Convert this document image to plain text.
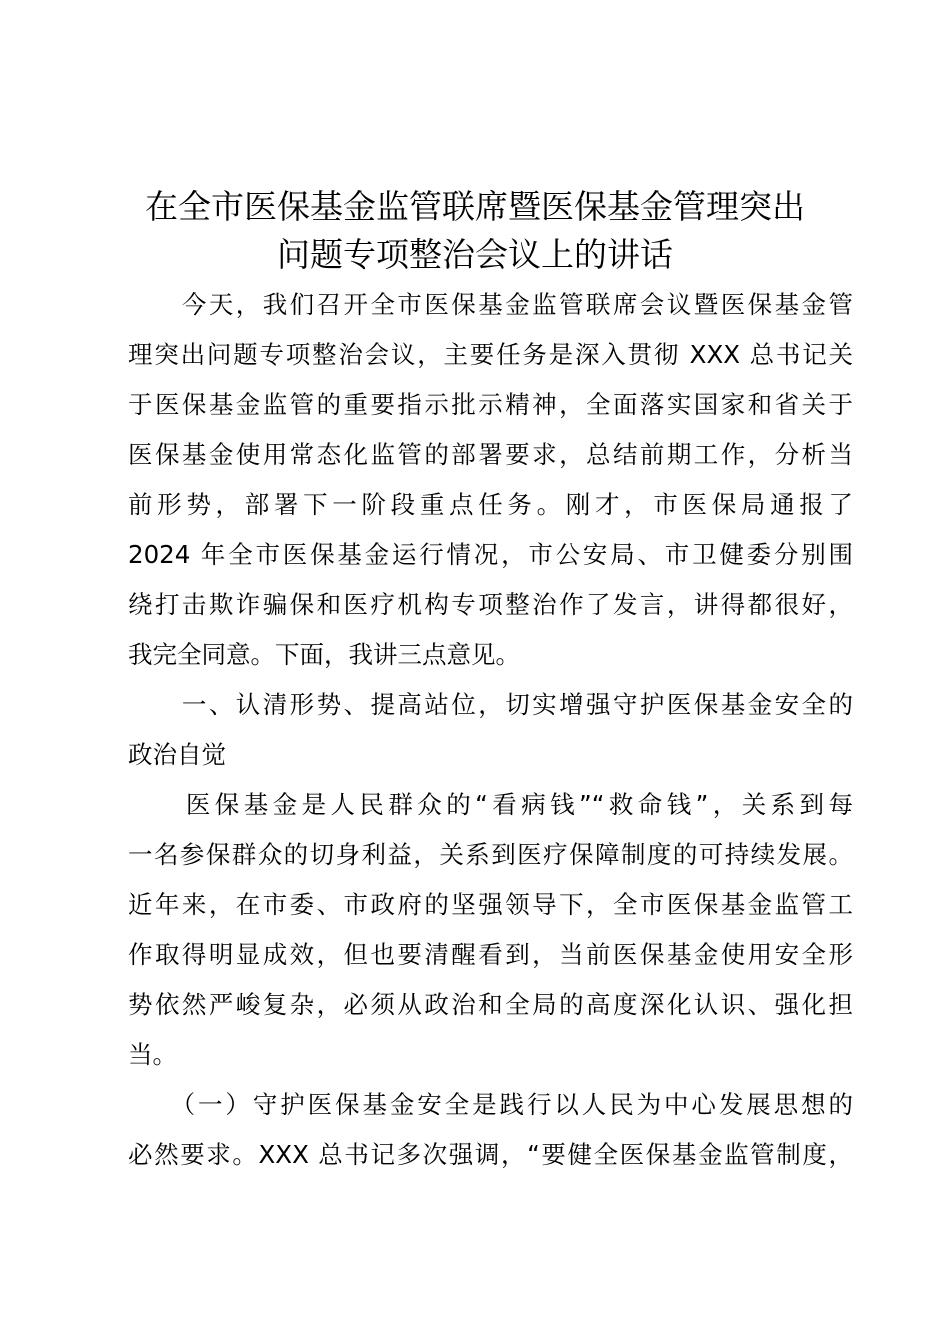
在全市医保基金监管联席暨医保基金管理突出
问题专项整治会议上的讲话
　　今天，我们召开全市医保基金监管联席会议暨医保基金管
理突出问题专项整治会议，主要任务是深入贯彻 XXX 总书记关
于医保基金监管的重要指示批示精神，全面落实国家和省关于
医保基金使用常态化监管的部署要求，总结前期工作，分析当
前形势，部署下一阶段重点任务。刚才，市医保局通报了
2024 年全市医保基金运行情况，市公安局、市卫健委分别围
绕打击欺诈骗保和医疗机构专项整治作了发言，讲得都很好，
我完全同意。下面，我讲三点意见。
　　一、认清形势、提高站位，切实增强守护医保基金安全的
政治自觉
　　医保基金是人民群众的“看病钱”“救命钱”，关系到每
一名参保群众的切身利益，关系到医疗保障制度的可持续发展。
近年来，在市委、市政府的坚强领导下，全市医保基金监管工
作取得明显成效，但也要清醒看到，当前医保基金使用安全形
势依然严峻复杂，必须从政治和全局的高度深化认识、强化担
当。
　　（一）守护医保基金安全是践行以人民为中心发展思想的
必然要求。XXX 总书记多次强调，“要健全医保基金监管制度，
